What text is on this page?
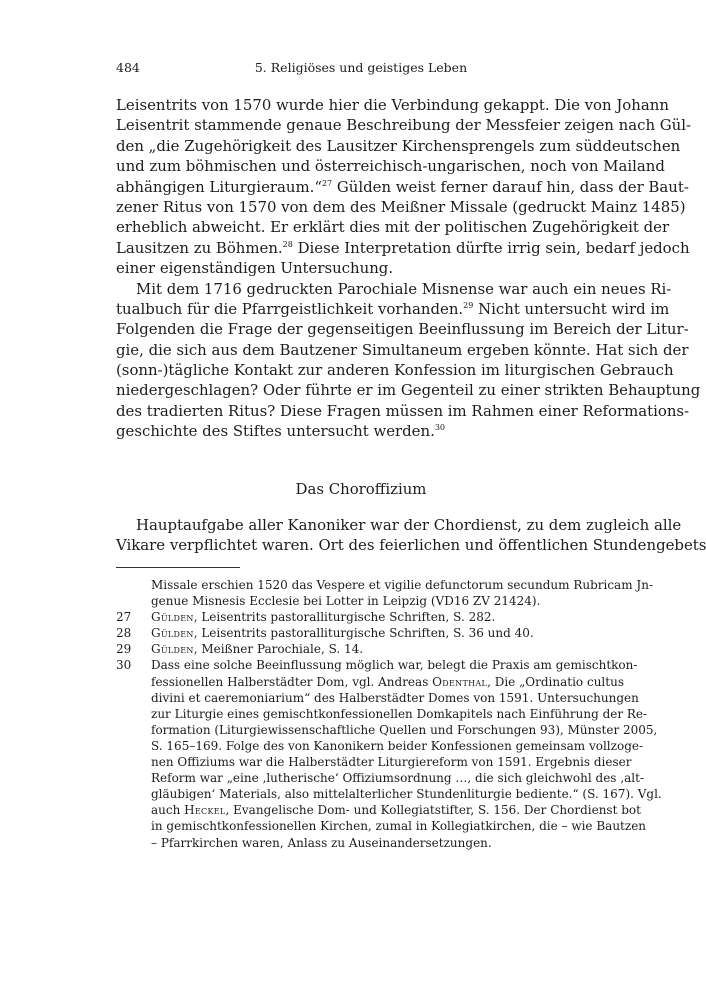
484	5. Religiöses und geistiges Leben
Leisentrits von 1570 wurde hier die Verbindung gekappt. Die von Johann
Leisentrit stammende genaue Beschreibung der Messfeier zeigen nach Gül-
den „die Zugehörigkeit des Lausitzer Kirchensprengels zum süddeutschen
und zum böhmischen und österreichisch-ungarischen, noch von Mailand
abhängigen Liturgieraum.“$^{27}$ Gülden weist ferner darauf hin, dass der Baut-
zener Ritus von 1570 von dem des Meißner Missale (gedruckt Mainz 1485)
erheblich abweicht. Er erklärt dies mit der politischen Zugehörigkeit der
Lausitzen zu Böhmen.$^{28}$ Diese Interpretation dürfte irrig sein, bedarf jedoch
einer eigenständigen Untersuchung.
Mit dem 1716 gedruckten Parochiale Misnense war auch ein neues Ri-
tualbuch für die Pfarrgeistlichkeit vorhanden.$^{29}$ Nicht untersucht wird im
Folgenden die Frage der gegenseitigen Beeinflussung im Bereich der Litur-
gie, die sich aus dem Bautzener Simultaneum ergeben könnte. Hat sich der
(sonn-)tägliche Kontakt zur anderen Konfession im liturgischen Gebrauch
niedergeschlagen? Oder führte er im Gegenteil zu einer strikten Behauptung
des tradierten Ritus? Diese Fragen müssen im Rahmen einer Reformations-
geschichte des Stiftes untersucht werden.$^{30}$
Das Choroffizium
Hauptaufgabe aller Kanoniker war der Chordienst, zu dem zugleich alle
Vikare verpflichtet waren. Ort des feierlichen und öffentlichen Stundengebets
Missale erschien 1520 das Vespere et vigilie defunctorum secundum Rubricam Jn-
genue Misnesis Ecclesie bei Lotter in Leipzig (VD16 ZV 21424).
27 Gülden, Leisentrits pastoralliturgische Schriften, S. 282.
28 Gülden, Leisentrits pastoralliturgische Schriften, S. 36 und 40.
29 Gülden, Meißner Parochiale, S. 14.
30 Dass eine solche Beeinflussung möglich war, belegt die Praxis am gemischtkon-
fessionellen Halberstädter Dom, vgl. Andreas Odenthal, Die „Ordinatio cultus
divini et caeremoniarium“ des Halberstädter Domes von 1591. Untersuchungen
zur Liturgie eines gemischtkonfessionellen Domkapitels nach Einführung der Re-
formation (Liturgiewissenschaftliche Quellen und Forschungen 93), Münster 2005,
S. 165–169. Folge des von Kanonikern beider Konfessionen gemeinsam vollzoge-
nen Offiziums war die Halberstädter Liturgiereform von 1591. Ergebnis dieser
Reform war „eine ‚lutherische‘ Offiziumsordnung …, die sich gleichwohl des ‚alt-
gläubigen‘ Materials, also mittelalterlicher Stundenliturgie bediente.“ (S. 167). Vgl.
auch Heckel, Evangelische Dom- und Kollegiatstifter, S. 156. Der Chordienst bot
in gemischtkonfessionellen Kirchen, zumal in Kollegiatkirchen, die – wie Bautzen
– Pfarrkirchen waren, Anlass zu Auseinandersetzungen.
